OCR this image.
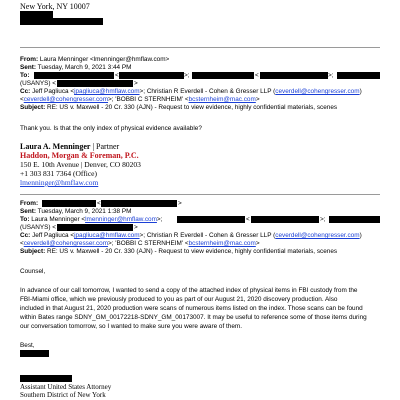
New York, NY 10007
From: Laura Menninger <lmenninger@hmflaw.com>
Sent: Tuesday, March 9, 2021 3:44 PM
To:	<	>;	<	>;
(USANYS) <	>
Cc: Jeff Pagliuca <jpagliuca@hmflaw.com>; Christian R Everdell - Cohen & Gresser LLP (ceverdell@cohengresser.com)
<ceverdell@cohengresser.com>; 'BOBBI C STERNHEIM' <bcsternheim@mac.com>
Subject: RE: US v. Maxwell - 20 Cr. 330 (AJN) - Request to view evidence, highly confidential materials, scenes
Thank you. Is that the only index of physical evidence available?
Laura A. Menninger | Partner
Haddon, Morgan & Foreman, P.C.
150 E. 10th Avenue | Denver, CO 80203
+1 303 831 7364 (Office)
lmenninger@hmflaw.com
From:	<	>
Sent: Tuesday, March 9, 2021 1:38 PM
To: Laura Menninger <lmenninger@hmflaw.com>;	<	>;
(USANYS) <	>
Cc: Jeff Pagliuca <jpagliuca@hmflaw.com>; Christian R Everdell - Cohen & Gresser LLP (ceverdell@cohengresser.com)
<ceverdell@cohengresser.com>; 'BOBBI C STERNHEIM' <bcsternheim@mac.com>
Subject: RE: US v. Maxwell - 20 Cr. 330 (AJN) - Request to view evidence, highly confidential materials, scenes
Counsel,
In advance of our call tomorrow, I wanted to send a copy of the attached index of physical items in FBI custody from the
FBI-Miami office, which we previously produced to you as part of our August 21, 2020 discovery production. Also
included in that August 21, 2020 production were scans of numerous items listed on the index. Those scans can be found
within Bates range SDNY_GM_00172218-SDNY_GM_00173007. It may be useful to reference some of those items during
our conversation tomorrow, so I wanted to make sure you were aware of them.
Best,
Assistant United States Attorney
Southern District of New York
